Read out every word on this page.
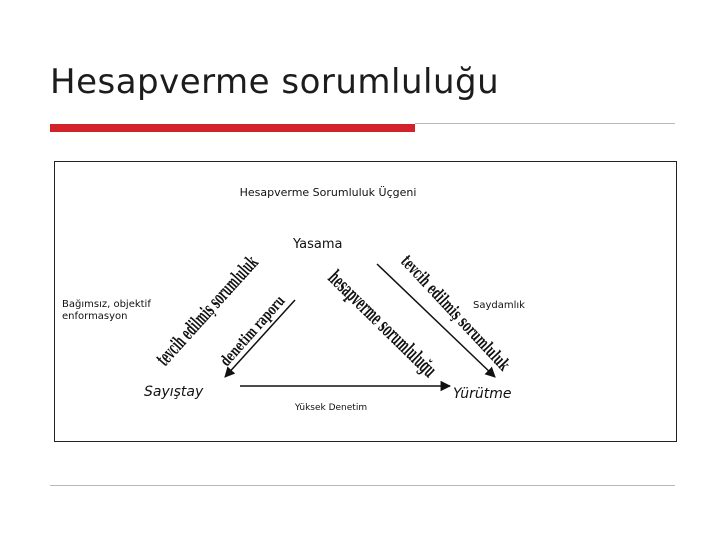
Hesapverme sorumluluğu
Hesapverme Sorumluluk Üçgeni
Yasama
Sayıştay	Yürütme
Bağımsız, objektif
enformasyon
Saydamlık
Yüksek Denetim
tevcih edilmiş sorumluluk
denetim raporu
tevcih edilmiş sorumluluk
hesapverme sorumluluğu
